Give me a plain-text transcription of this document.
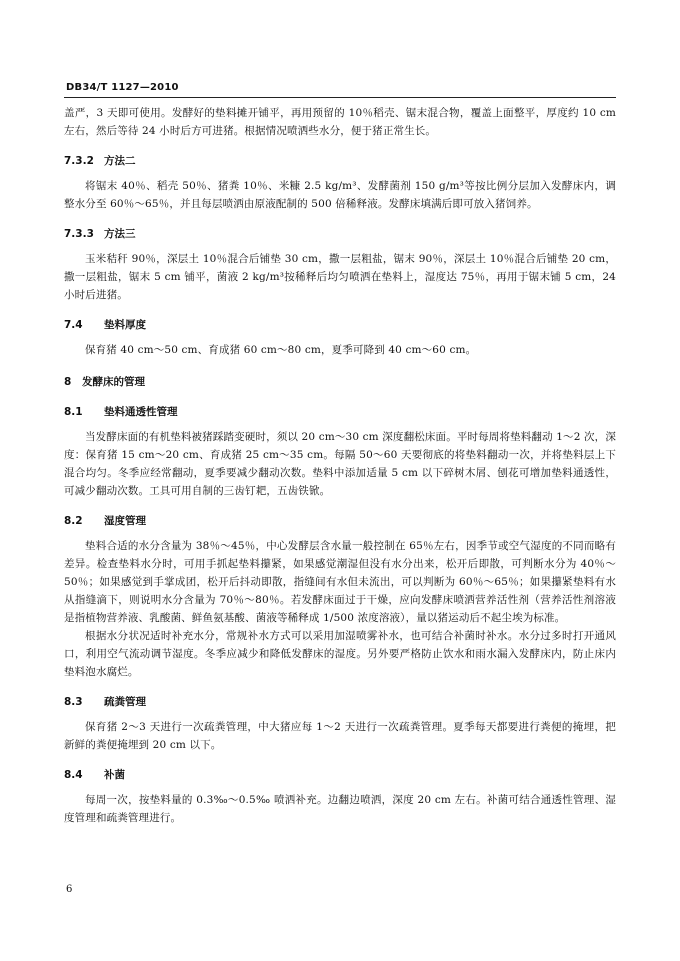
DB34/T 1127—2010

盖严，3 天即可使用。发酵好的垫料摊开铺平，再用预留的 10％稻壳、锯末混合物，覆盖上面整平，厚度约 10 cm 左右，然后等待 24 小时后方可进猪。根据情况喷洒些水分，便于猪正常生长。

7.3.2 方法二

将锯末 40％、稻壳 50％、猪粪 10％、米糠 2.5 kg/m³、发酵菌剂 150 g/m³等按比例分层加入发酵床内，调整水分至 60％～65％，并且每层喷洒由原液配制的 500 倍稀释液。发酵床填满后即可放入猪饲养。

7.3.3 方法三

玉米秸秆 90％，深层土 10％混合后铺垫 30 cm，撒一层粗盐，锯末 90％，深层土 10％混合后铺垫 20 cm，撒一层粗盐，锯末 5 cm 铺平，菌液 2 kg/m³按稀释后均匀喷洒在垫料上，湿度达 75％，再用于锯末铺 5 cm，24 小时后进猪。

7.4 垫料厚度

保育猪 40 cm～50 cm、育成猪 60 cm～80 cm，夏季可降到 40 cm～60 cm。

8 发酵床的管理
8.1 垫料通透性管理

当发酵床面的有机垫料被猪踩踏变硬时，须以 20 cm～30 cm 深度翻松床面。平时每周将垫料翻动 1～2 次，深度：保育猪 15 cm～20 cm、育成猪 25 cm～35 cm。每隔 50～60 天要彻底的将垫料翻动一次，并将垫料层上下混合均匀。冬季应经常翻动，夏季要减少翻动次数。垫料中添加适量 5 cm 以下碎树木屑、刨花可增加垫料通透性，可减少翻动次数。工具可用自制的三齿钉耙，五齿铁锨。

8.2 湿度管理

垫料合适的水分含量为 38％～45％，中心发酵层含水量一般控制在 65％左右，因季节或空气湿度的不同而略有差异。检查垫料水分时，可用手抓起垫料攥紧，如果感觉潮湿但没有水分出来，松开后即散，可判断水分为 40％～50％；如果感觉到手掌成团，松开后抖动即散，指缝间有水但未流出，可以判断为 60％～65％；如果攥紧垫料有水从指缝滴下，则说明水分含量为 70％～80％。若发酵床面过于干燥，应向发酵床喷洒营养活性剂（营养活性剂溶液是指植物营养液、乳酸菌、鲜鱼氨基酸、菌液等稀释成 1/500 浓度溶液），量以猪运动后不起尘埃为标准。

根据水分状况适时补充水分，常规补水方式可以采用加湿喷雾补水，也可结合补菌时补水。水分过多时打开通风口，利用空气流动调节湿度。冬季应减少和降低发酵床的湿度。另外要严格防止饮水和雨水漏入发酵床内，防止床内垫料泡水腐烂。

8.3 疏粪管理

保育猪 2～3 天进行一次疏粪管理，中大猪应每 1～2 天进行一次疏粪管理。夏季每天都要进行粪便的掩埋，把新鲜的粪便掩埋到 20 cm 以下。

8.4 补菌

每周一次，按垫料量的 0.3‰～0.5‰ 喷洒补充。边翻边喷洒，深度 20 cm 左右。补菌可结合通透性管理、湿度管理和疏粪管理进行。

6
